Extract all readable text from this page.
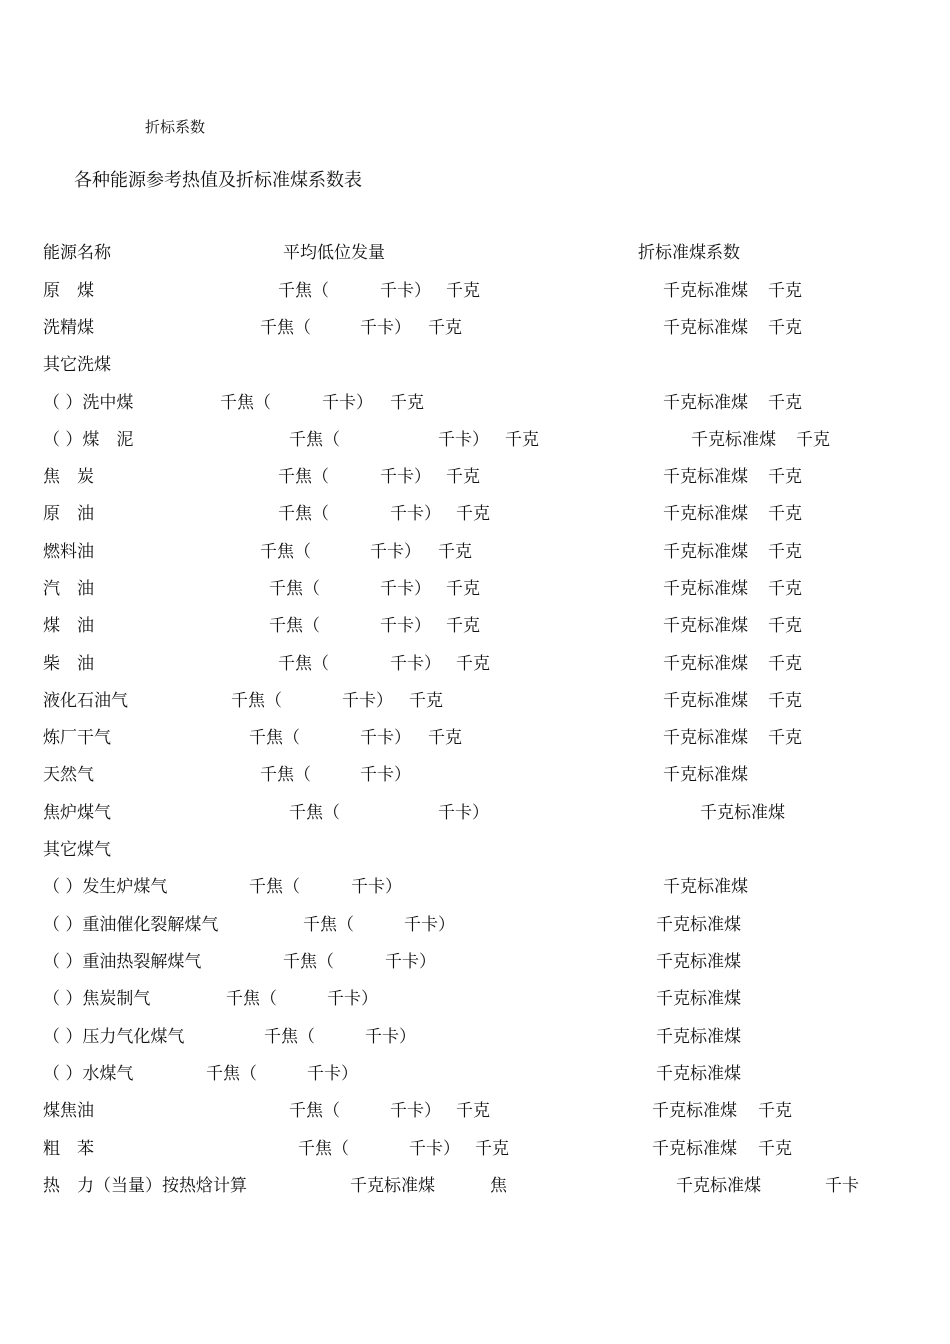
折标系数
各种能源参考热值及折标准煤系数表
能源名称	平均低位发量	折标准煤系数
原　煤	千焦（	千卡） 千克	千克标准煤 千克
洗精煤	千焦（	千卡） 千克	千克标准煤 千克
其它洗煤
（ ）洗中煤	千焦（	千卡） 千克	千克标准煤 千克
（ ）煤　泥	千焦（	千卡） 千克	千克标准煤 千克
焦　炭	千焦（	千卡） 千克	千克标准煤 千克
原　油	千焦（	千卡） 千克	千克标准煤 千克
燃料油	千焦（	千卡） 千克	千克标准煤 千克
汽　油	千焦（	千卡） 千克	千克标准煤 千克
煤　油	千焦（	千卡） 千克	千克标准煤 千克
柴　油	千焦（	千卡） 千克	千克标准煤 千克
液化石油气	千焦（	千卡） 千克	千克标准煤 千克
炼厂干气	千焦（	千卡） 千克	千克标准煤 千克
天然气	千焦（	千卡）	千克标准煤
焦炉煤气	千焦（	千卡）	千克标准煤
其它煤气
（ ）发生炉煤气	千焦（	千卡）	千克标准煤
（ ）重油催化裂解煤气	千焦（	千卡）	千克标准煤
（ ）重油热裂解煤气	千焦（	千卡）	千克标准煤
（ ）焦炭制气	千焦（	千卡）	千克标准煤
（ ）压力气化煤气	千焦（	千卡）	千克标准煤
（ ）水煤气	千焦（	千卡）	千克标准煤
煤焦油	千焦（	千卡） 千克	千克标准煤 千克
粗　苯	千焦（	千卡） 千克	千克标准煤 千克
热　力（当量）按热焓计算	千克标准煤	焦	千克标准煤	千卡
